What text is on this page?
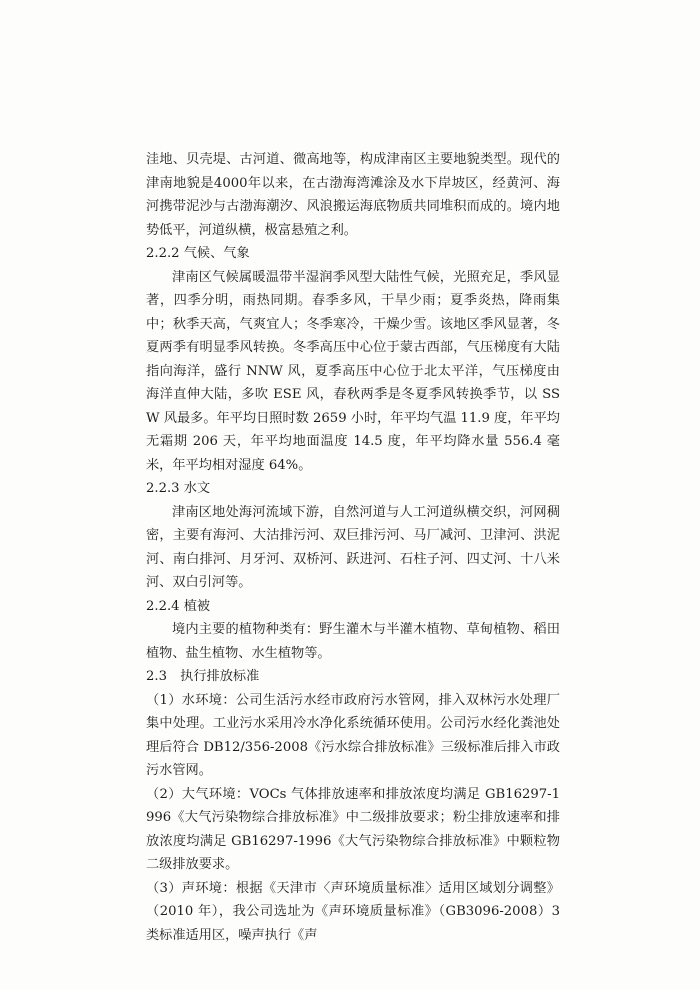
洼地、贝壳堤、古河道、微高地等，构成津南区主要地貌类型。现代的津南地貌是4000年以来，在古渤海湾滩涂及水下岸坡区，经黄河、海河携带泥沙与古渤海潮汐、风浪搬运海底物质共同堆积而成的。境内地势低平，河道纵横，极富悬殖之利。

2.2.2 气候、气象

津南区气候属暖温带半湿润季风型大陆性气候，光照充足，季风显著，四季分明，雨热同期。春季多风，干旱少雨；夏季炎热，降雨集中；秋季天高，气爽宜人；冬季寒冷，干燥少雪。该地区季风显著，冬夏两季有明显季风转换。冬季高压中心位于蒙古西部，气压梯度有大陆指向海洋，盛行 NNW 风，夏季高压中心位于北太平洋，气压梯度由海洋直伸大陆，多吹 ESE 风，春秋两季是冬夏季风转换季节，以 SSW 风最多。年平均日照时数 2659 小时，年平均气温 11.9 度，年平均无霜期 206 天，年平均地面温度 14.5 度，年平均降水量 556.4 毫米，年平均相对湿度 64%。

2.2.3 水文

津南区地处海河流域下游，自然河道与人工河道纵横交织，河网稠密，主要有海河、大沽排污河、双巨排污河、马厂减河、卫津河、洪泥河、南白排河、月牙河、双桥河、跃进河、石柱子河、四丈河、十八米河、双白引河等。

2.2.4 植被

境内主要的植物种类有：野生灌木与半灌木植物、草甸植物、稻田植物、盐生植物、水生植物等。

2.3　执行排放标准

（1）水环境：公司生活污水经市政府污水管网，排入双林污水处理厂集中处理。工业污水采用冷水净化系统循环使用。公司污水经化粪池处理后符合 DB12/356-2008《污水综合排放标准》三级标准后排入市政污水管网。

（2）大气环境：VOCs 气体排放速率和排放浓度均满足 GB16297-1996《大气污染物综合排放标准》中二级排放要求；粉尘排放速率和排放浓度均满足 GB16297-1996《大气污染物综合排放标准》中颗粒物二级排放要求。

（3）声环境：根据《天津市〈声环境质量标准〉适用区域划分调整》（2010 年），我公司选址为《声环境质量标准》（GB3096-2008）3 类标准适用区，噪声执行《声
